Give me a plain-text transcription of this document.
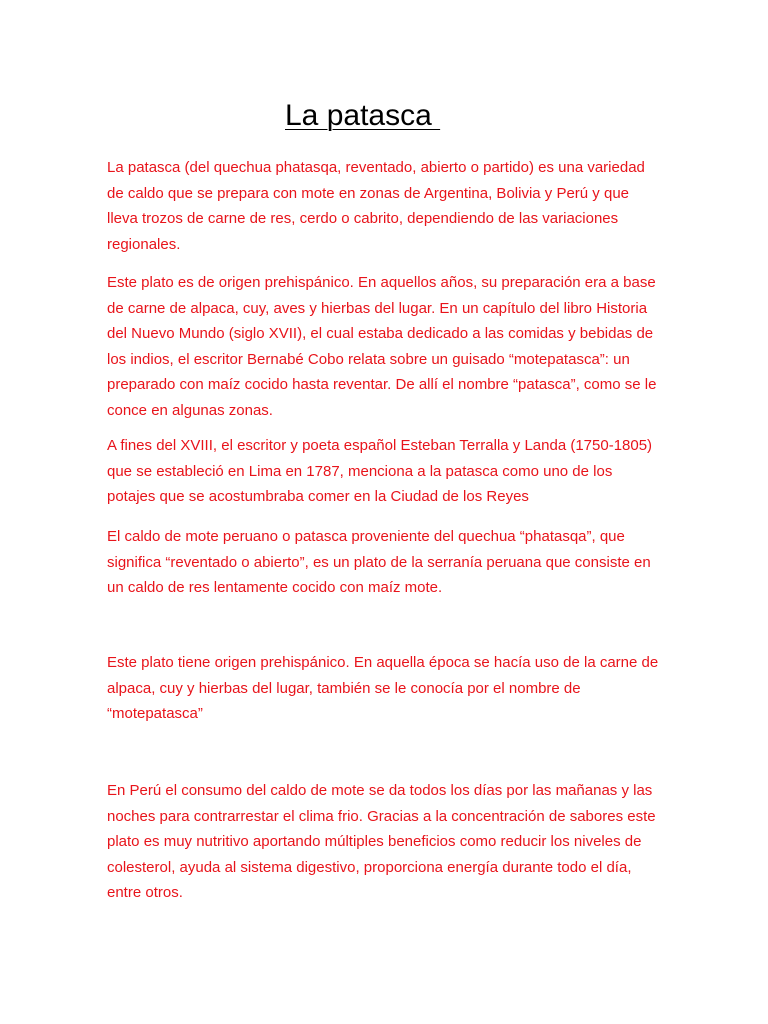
La patasca

La patasca (del quechua phatasqa, reventado, abierto o partido) es una variedad de caldo que se prepara con mote en zonas de Argentina, Bolivia y Perú y que lleva trozos de carne de res, cerdo o cabrito, dependiendo de las variaciones regionales.

Este plato es de origen prehispánico. En aquellos años, su preparación era a base de carne de alpaca, cuy, aves y hierbas del lugar. En un capítulo del libro Historia del Nuevo Mundo (siglo XVII), el cual estaba dedicado a las comidas y bebidas de los indios, el escritor Bernabé Cobo relata sobre un guisado “motepatasca”: un preparado con maíz cocido hasta reventar. De allí el nombre “patasca”, como se le conce en algunas zonas.

A fines del XVIII, el escritor y poeta español Esteban Terralla y Landa (1750-1805) que se estableció en Lima en 1787, menciona a la patasca como uno de los potajes que se acostumbraba comer en la Ciudad de los Reyes

El caldo de mote peruano o patasca proveniente del quechua “phatasqa”, que significa “reventado o abierto”, es un plato de la serranía peruana que consiste en un caldo de res lentamente cocido con maíz mote.

Este plato tiene origen prehispánico. En aquella época se hacía uso de la carne de alpaca, cuy y hierbas del lugar, también se le conocía por el nombre de “motepatasca”

En Perú el consumo del caldo de mote se da todos los días por las mañanas y las noches para contrarrestar el clima frio. Gracias a la concentración de sabores este plato es muy nutritivo aportando múltiples beneficios como reducir los niveles de colesterol, ayuda al sistema digestivo, proporciona energía durante todo el día, entre otros.
